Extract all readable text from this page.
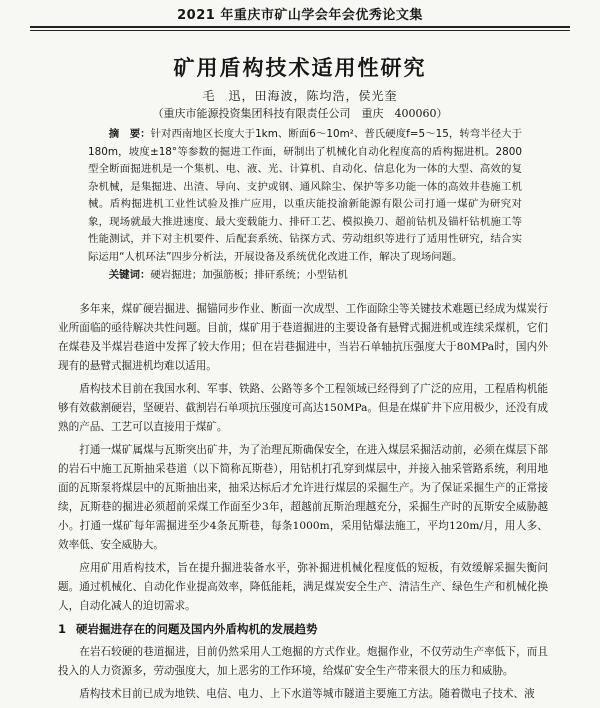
2021 年重庆市矿山学会年会优秀论文集
矿用盾构技术适用性研究
毛　迅，田海波，陈均浩，侯光奎
（重庆市能源投资集团科技有限责任公司　重庆　400060）
摘　要：针对西南地区长度大于1km、断面6～10m²、普氏硬度f=5～15，转弯半径大于180m，坡度±18°等参数的掘进工作面，研制出了机械化自动化程度高的盾构掘进机。2800型全断面掘进机是一个集机、电、液、光、计算机、自动化、信息化为一体的大型、高效的复杂机械，是集掘进、出渣、导向、支护或钢、通风除尘、保护等多功能一体的高效井巷施工机械。盾构掘进机工业性试验及推广应用，以重庆能投渝新能源有限公司打通一煤矿为研究对象，现场就最大推进速度、最大变载能力、排矸工艺、模拟换刀、超前钻机及锚杆钻机施工等性能测试，并下对主机要件、后配套系统、钻探方式、劳动组织等进行了适用性研究，结合实际运用“人机环法”四步分析法，开展设备及系统优化改进工作，解决了现场问题。
关键词：硬岩掘进；加强筋板；排矸系统；小型钻机

多年来，煤矿硬岩掘进、掘锚同步作业、断面一次成型、工作面除尘等关键技术难题已经成为煤炭行业所面临的亟待解决共性问题。目前，煤矿用于巷道掘进的主要设备有悬臂式掘进机或连续采煤机，它们在煤巷及半煤岩巷道中发挥了较大作用；但在岩巷掘进中，当岩石单轴抗压强度大于80MPa时，国内外现有的悬臂式掘进机均难以适用。

盾构技术目前在我国水利、军事、铁路、公路等多个工程领域已经得到了广泛的应用，工程盾构机能够有效截割硬岩，坚硬岩、截割岩石单项抗压强度可高达150MPa。但是在煤矿井下应用极少，还没有成熟的产品、工艺可以直接用于煤矿。

打通一煤矿属煤与瓦斯突出矿井，为了治理瓦斯确保安全，在进入煤层采掘活动前，必须在煤层下部的岩石中施工瓦斯抽采巷道（以下简称瓦斯巷），用钻机打孔穿到煤层中，并接入抽采管路系统，利用地面的瓦斯泵将煤层中的瓦斯抽出来，抽采达标后才允许进行煤层的采掘生产。为了保证采掘生产的正常接续，瓦斯巷的掘进必须超前采煤工作面至少3年，超越前瓦斯治理越充分，采掘生产时的瓦斯安全威胁越小。打通一煤矿每年需掘进至少4条瓦斯巷，每条1000m，采用钻爆法施工，平均120m/月，用人多、效率低、安全威胁大。

应用矿用盾构技术，旨在提升掘进装备水平，弥补掘进机械化程度低的短板，有效缓解采掘失衡问题。通过机械化、自动化作业提高效率，降低能耗，满足煤炭安全生产、清洁生产、绿色生产和机械化换人，自动化减人的迫切需求。

1 硬岩掘进存在的问题及国内外盾构机的发展趋势

在岩石较硬的巷道掘进，目前仍然采用人工炮掘的方式作业。炮掘作业，不仅劳动生产率低下，而且投入的人力资源多，劳动强度大，加上恶劣的工作环境，给煤矿安全生产带来很大的压力和威胁。

盾构技术目前已成为地铁、电信、电力、上下水道等城市隧道主要施工方法。随着微电子技术、液
